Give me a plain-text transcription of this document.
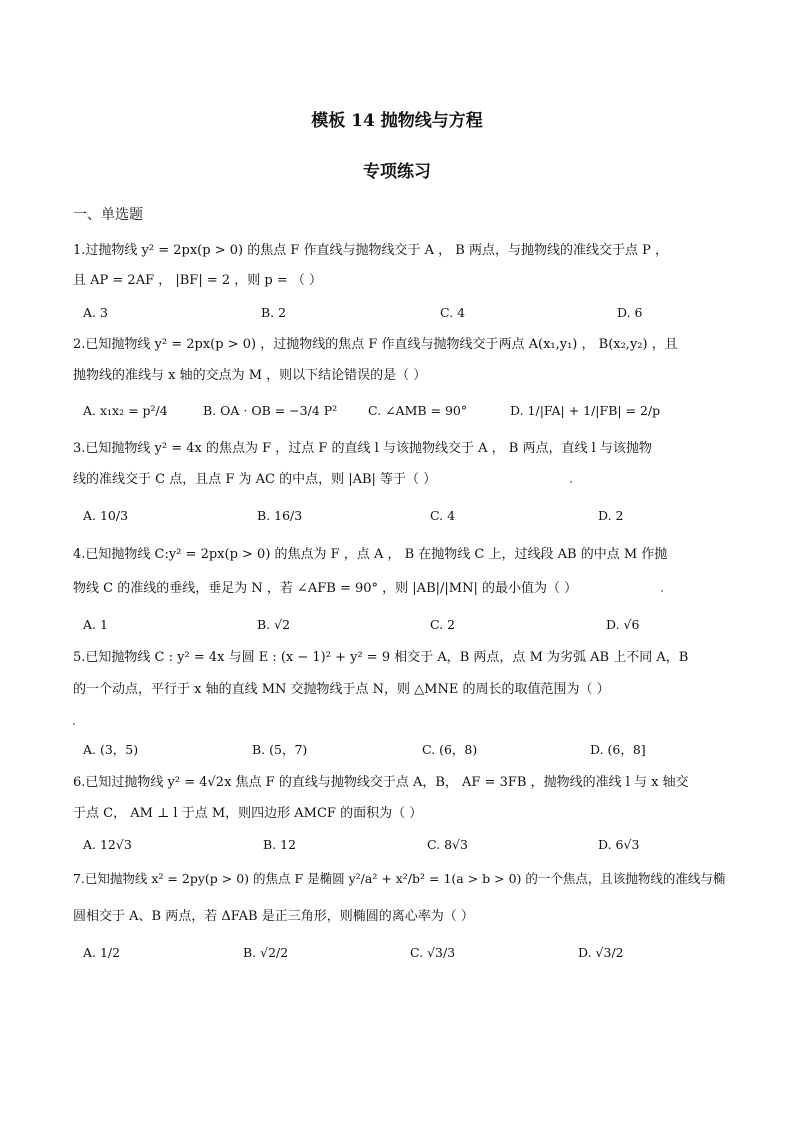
模板 14 抛物线与方程
专项练习
一、单选题
1.过抛物线 y² = 2px(p > 0) 的焦点 F 作直线与抛物线交于 A ， B 两点，与抛物线的准线交于点 P ，
且 AP = 2AF ， |BF| = 2 ，则 p = （ ）
A. 3	B. 2	C. 4	D. 6
2.已知抛物线 y² = 2px(p > 0) ，过抛物线的焦点 F 作直线与抛物线交于两点 A(x₁,y₁) ， B(x₂,y₂) ，且
抛物线的准线与 x 轴的交点为 M ，则以下结论错误的是（ ）
A. x₁x₂ = p²/4	B. OA · OB = −3/4 P² C. ∠AMB = 90°	D. 1/|FA| + 1/|FB| = 2/p
3.已知抛物线 y² = 4x 的焦点为 F ，过点 F 的直线 l 与该抛物线交于 A ， B 两点，直线 l 与该抛物
线的准线交于 C 点，且点 F 为 AC 的中点，则 |AB| 等于（ ）
A. 10/3	B. 16/3	C. 4	D. 2
4.已知抛物线 C:y² = 2px(p > 0) 的焦点为 F ，点 A ， B 在抛物线 C 上，过线段 AB 的中点 M 作抛
物线 C 的准线的垂线，垂足为 N ，若 ∠AFB = 90° ，则 |AB|/|MN| 的最小值为（ ）
A. 1	B. √2	C. 2	D. √6
5.已知抛物线 C : y² = 4x 与圆 E : (x − 1)² + y² = 9 相交于 A，B 两点，点 M 为劣弧 AB 上不同 A，B
的一个动点，平行于 x 轴的直线 MN 交抛物线于点 N，则 △MNE 的周长的取值范围为（ ）
A. (3，5)	B. (5，7)	C. (6，8)	D. (6，8]
6.已知过抛物线 y² = 4√2x 焦点 F 的直线与抛物线交于点 A，B， AF = 3FB ，抛物线的准线 l 与 x 轴交
于点 C， AM ⊥ l 于点 M，则四边形 AMCF 的面积为（ ）
A. 12√3	B. 12	C. 8√3	D. 6√3
7.已知抛物线 x² = 2py(p > 0) 的焦点 F 是椭圆 y²/a² + x²/b² = 1(a > b > 0) 的一个焦点，且该抛物线的准线与椭
圆相交于 A、B 两点，若 ΔFAB 是正三角形，则椭圆的离心率为（ ）
A. 1/2	B. √2/2	C. √3/3	D. √3/2
